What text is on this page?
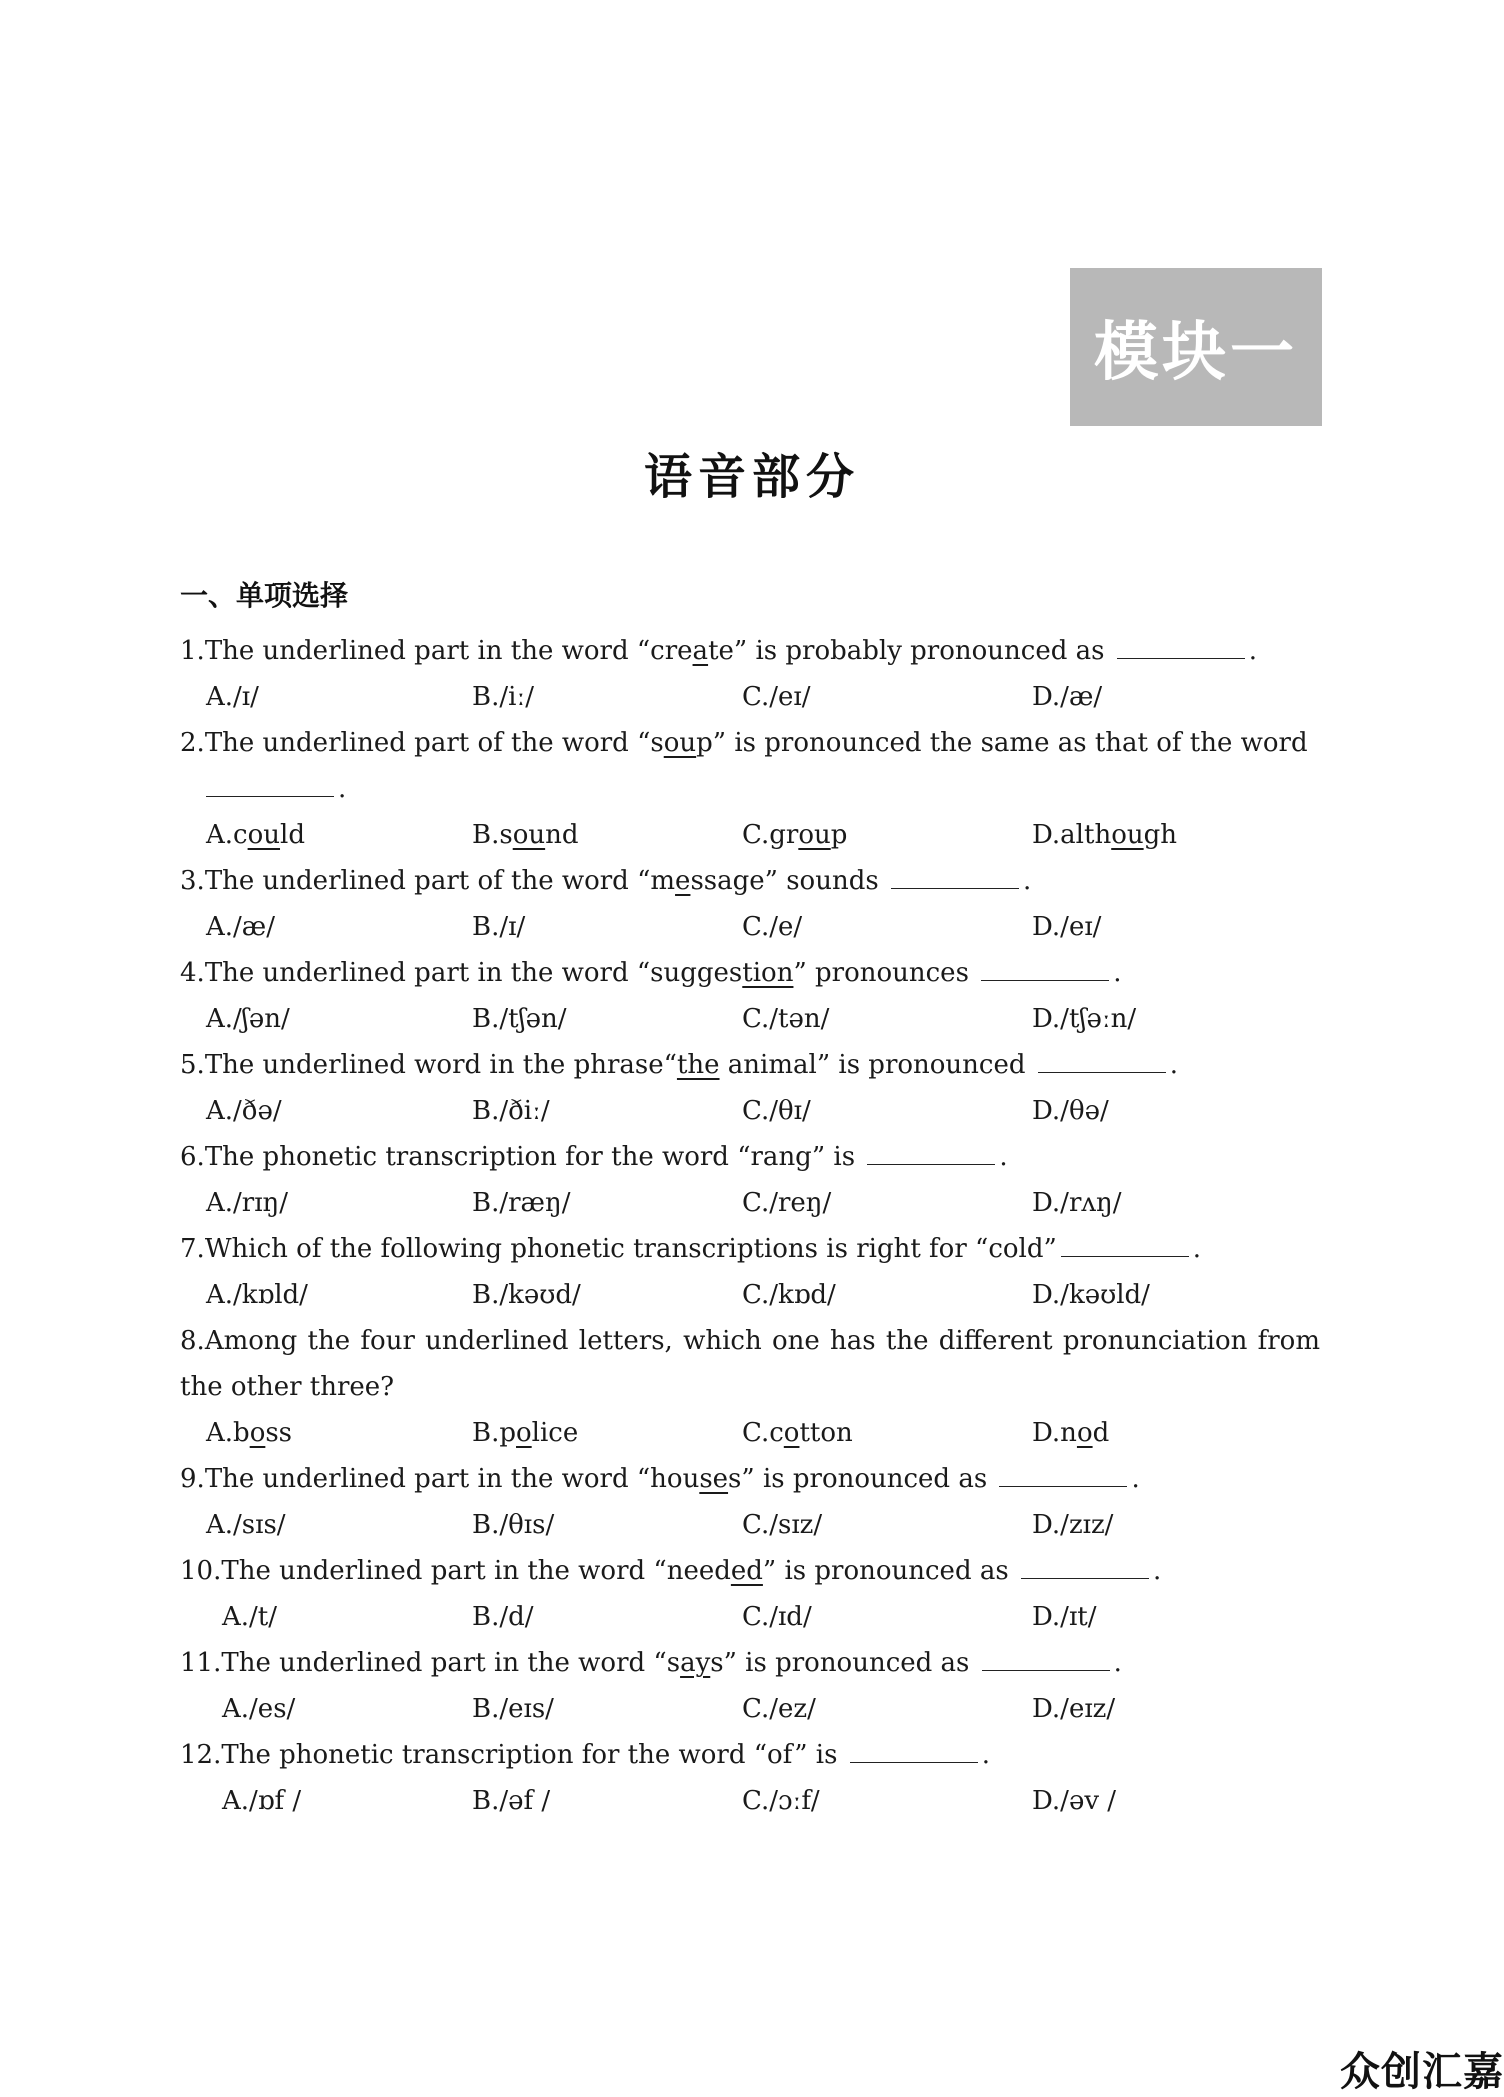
模块一
语音部分
一、单项选择
1.The underlined part in the word “create” is probably pronounced as	.
A./ɪ/	B./iː/	C./eɪ/	D./æ/
2.The underlined part of the word “soup” is pronounced the same as that of the word
.
A.could	B.sound	C.group	D.although
3.The underlined part of the word “message” sounds	.
A./æ/	B./ɪ/	C./e/	D./eɪ/
4.The underlined part in the word “suggestion” pronounces	.
A./ʃən/	B./tʃən/	C./tən/	D./tʃəːn/
5.The underlined word in the phrase“the animal” is pronounced	.
A./ðə/	B./ðiː/	C./θɪ/	D./θə/
6.The phonetic transcription for the word “rang” is	.
A./rɪŋ/	B./ræŋ/	C./reŋ/	D./rʌŋ/
7.Which of the following phonetic transcriptions is right for “cold”	.
A./kɒld/	B./kəʊd/	C./kɒd/	D./kəʊld/
8.Among the four underlined letters, which one has the different pronunciation from the other three?
A.boss	B.police	C.cotton	D.nod
9.The underlined part in the word “houses” is pronounced as	.
A./sɪs/	B./θɪs/	C./sɪz/	D./zɪz/
10.The underlined part in the word “needed” is pronounced as	.
A./t/	B./d/	C./ɪd/	D./ɪt/
11.The underlined part in the word “says” is pronounced as	.
A./es/	B./eɪs/	C./ez/	D./eɪz/
12.The phonetic transcription for the word “of” is	.
A./ɒf /	B./əf /	C./ɔːf/	D./əv /
众创汇嘉
